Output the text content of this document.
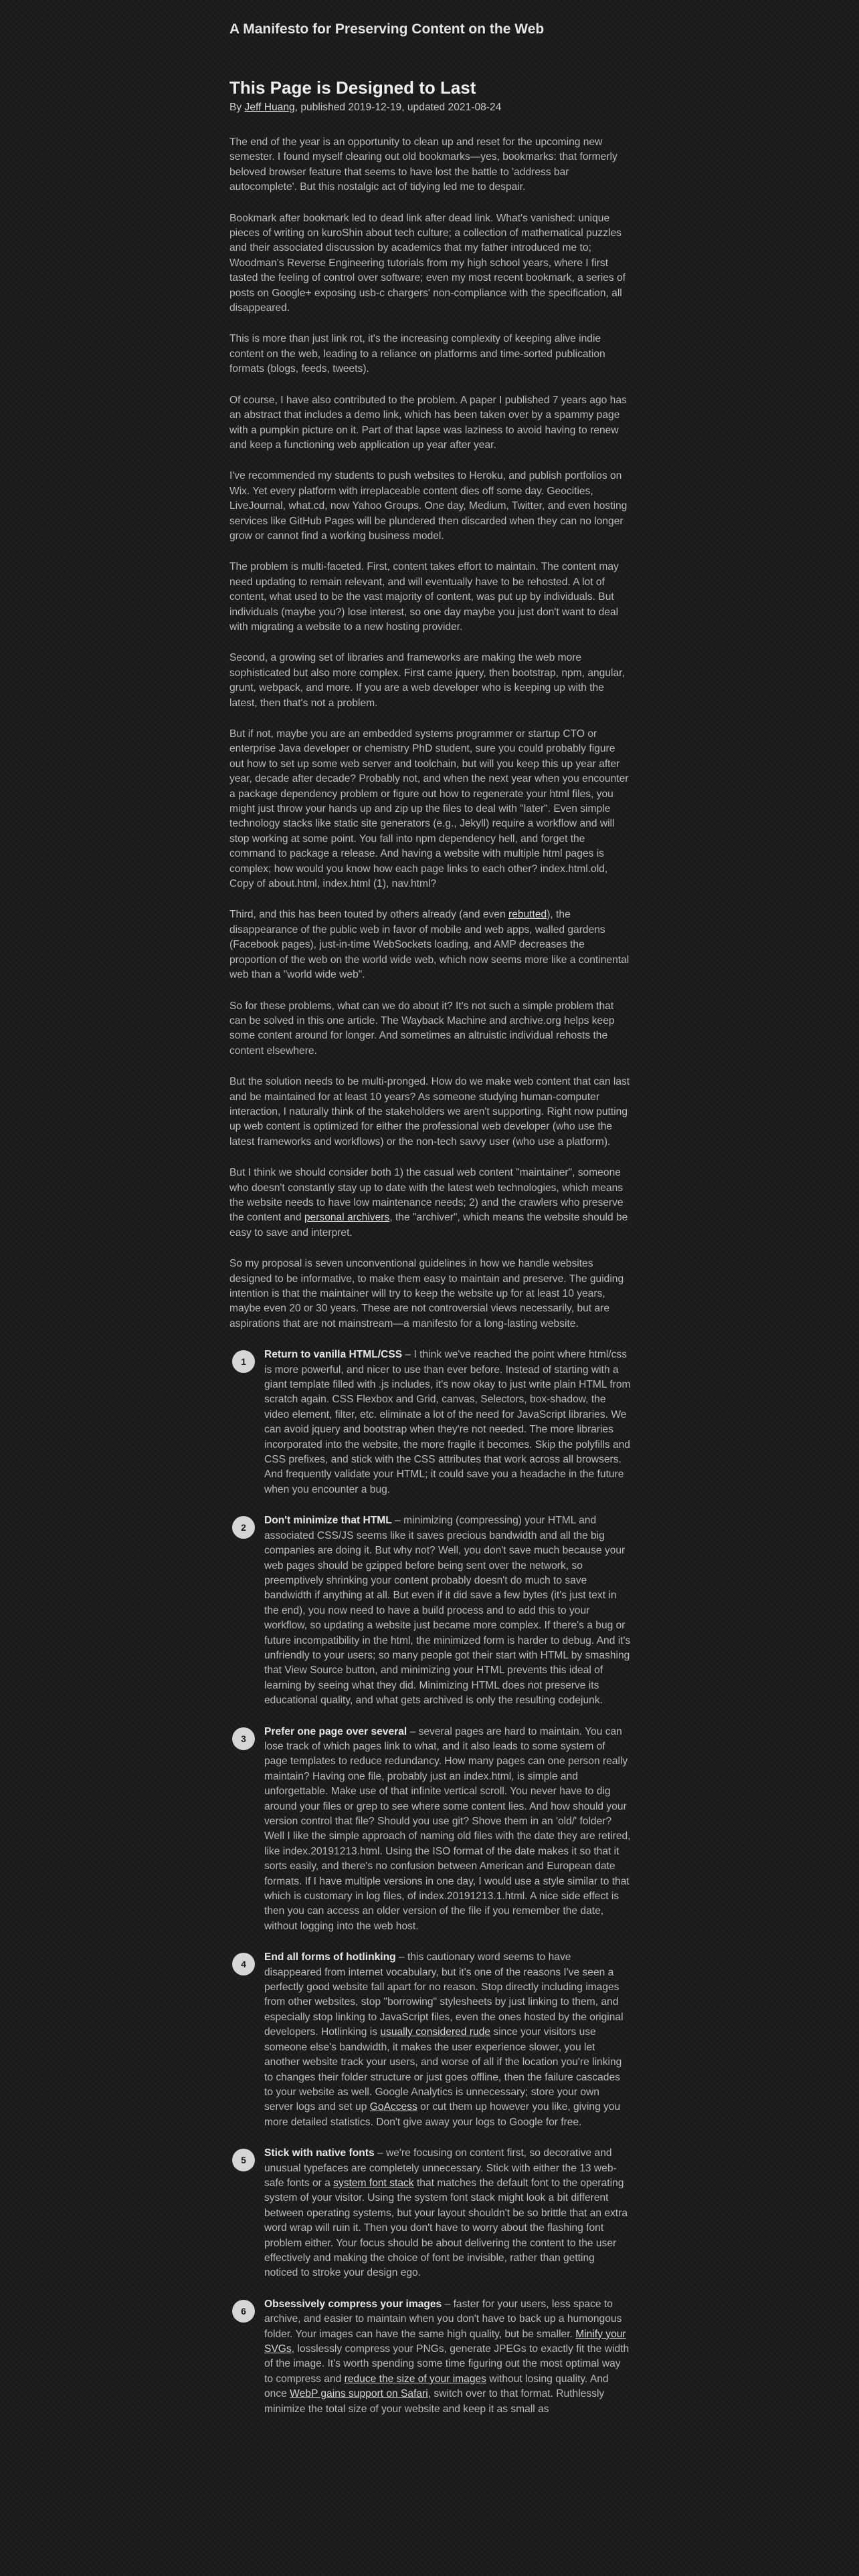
A Manifesto for Preserving Content on the Web
This Page is Designed to Last
By Jeff Huang, published 2019-12-19, updated 2021-08-24

The end of the year is an opportunity to clean up and reset for the upcoming new semester. I found myself clearing out old bookmarks—yes, bookmarks: that formerly beloved browser feature that seems to have lost the battle to 'address bar autocomplete'. But this nostalgic act of tidying led me to despair.

Bookmark after bookmark led to dead link after dead link. What's vanished: unique pieces of writing on kuroShin about tech culture; a collection of mathematical puzzles and their associated discussion by academics that my father introduced me to; Woodman's Reverse Engineering tutorials from my high school years, where I first tasted the feeling of control over software; even my most recent bookmark, a series of posts on Google+ exposing usb-c chargers' non-compliance with the specification, all disappeared.

This is more than just link rot, it's the increasing complexity of keeping alive indie content on the web, leading to a reliance on platforms and time-sorted publication formats (blogs, feeds, tweets).

Of course, I have also contributed to the problem. A paper I published 7 years ago has an abstract that includes a demo link, which has been taken over by a spammy page with a pumpkin picture on it. Part of that lapse was laziness to avoid having to renew and keep a functioning web application up year after year.

I've recommended my students to push websites to Heroku, and publish portfolios on Wix. Yet every platform with irreplaceable content dies off some day. Geocities, LiveJournal, what.cd, now Yahoo Groups. One day, Medium, Twitter, and even hosting services like GitHub Pages will be plundered then discarded when they can no longer grow or cannot find a working business model.

The problem is multi-faceted. First, content takes effort to maintain. The content may need updating to remain relevant, and will eventually have to be rehosted. A lot of content, what used to be the vast majority of content, was put up by individuals. But individuals (maybe you?) lose interest, so one day maybe you just don't want to deal with migrating a website to a new hosting provider.

Second, a growing set of libraries and frameworks are making the web more sophisticated but also more complex. First came jquery, then bootstrap, npm, angular, grunt, webpack, and more. If you are a web developer who is keeping up with the latest, then that's not a problem.

But if not, maybe you are an embedded systems programmer or startup CTO or enterprise Java developer or chemistry PhD student, sure you could probably figure out how to set up some web server and toolchain, but will you keep this up year after year, decade after decade? Probably not, and when the next year when you encounter a package dependency problem or figure out how to regenerate your html files, you might just throw your hands up and zip up the files to deal with "later". Even simple technology stacks like static site generators (e.g., Jekyll) require a workflow and will stop working at some point. You fall into npm dependency hell, and forget the command to package a release. And having a website with multiple html pages is complex; how would you know how each page links to each other? index.html.old, Copy of about.html, index.html (1), nav.html?

Third, and this has been touted by others already (and even rebutted), the disappearance of the public web in favor of mobile and web apps, walled gardens (Facebook pages), just-in-time WebSockets loading, and AMP decreases the proportion of the web on the world wide web, which now seems more like a continental web than a "world wide web".

So for these problems, what can we do about it? It's not such a simple problem that can be solved in this one article. The Wayback Machine and archive.org helps keep some content around for longer. And sometimes an altruistic individual rehosts the content elsewhere.

But the solution needs to be multi-pronged. How do we make web content that can last and be maintained for at least 10 years? As someone studying human-computer interaction, I naturally think of the stakeholders we aren't supporting. Right now putting up web content is optimized for either the professional web developer (who use the latest frameworks and workflows) or the non-tech savvy user (who use a platform).

But I think we should consider both 1) the casual web content "maintainer", someone who doesn't constantly stay up to date with the latest web technologies, which means the website needs to have low maintenance needs; 2) and the crawlers who preserve the content and personal archivers, the "archiver", which means the website should be easy to save and interpret.

So my proposal is seven unconventional guidelines in how we handle websites designed to be informative, to make them easy to maintain and preserve. The guiding intention is that the maintainer will try to keep the website up for at least 10 years, maybe even 20 or 30 years. These are not controversial views necessarily, but are aspirations that are not mainstream—a manifesto for a long-lasting website.

1
Return to vanilla HTML/CSS – I think we've reached the point where html/css is more powerful, and nicer to use than ever before. Instead of starting with a giant template filled with .js includes, it's now okay to just write plain HTML from scratch again. CSS Flexbox and Grid, canvas, Selectors, box-shadow, the video element, filter, etc. eliminate a lot of the need for JavaScript libraries. We can avoid jquery and bootstrap when they're not needed. The more libraries incorporated into the website, the more fragile it becomes. Skip the polyfills and CSS prefixes, and stick with the CSS attributes that work across all browsers. And frequently validate your HTML; it could save you a headache in the future when you encounter a bug.

2
Don't minimize that HTML – minimizing (compressing) your HTML and associated CSS/JS seems like it saves precious bandwidth and all the big companies are doing it. But why not? Well, you don't save much because your web pages should be gzipped before being sent over the network, so preemptively shrinking your content probably doesn't do much to save bandwidth if anything at all. But even if it did save a few bytes (it's just text in the end), you now need to have a build process and to add this to your workflow, so updating a website just became more complex. If there's a bug or future incompatibility in the html, the minimized form is harder to debug. And it's unfriendly to your users; so many people got their start with HTML by smashing that View Source button, and minimizing your HTML prevents this ideal of learning by seeing what they did. Minimizing HTML does not preserve its educational quality, and what gets archived is only the resulting codejunk.

3
Prefer one page over several – several pages are hard to maintain. You can lose track of which pages link to what, and it also leads to some system of page templates to reduce redundancy. How many pages can one person really maintain? Having one file, probably just an index.html, is simple and unforgettable. Make use of that infinite vertical scroll. You never have to dig around your files or grep to see where some content lies. And how should your version control that file? Should you use git? Shove them in an 'old/' folder? Well I like the simple approach of naming old files with the date they are retired, like index.20191213.html. Using the ISO format of the date makes it so that it sorts easily, and there's no confusion between American and European date formats. If I have multiple versions in one day, I would use a style similar to that which is customary in log files, of index.20191213.1.html. A nice side effect is then you can access an older version of the file if you remember the date, without logging into the web host.

4
End all forms of hotlinking – this cautionary word seems to have disappeared from internet vocabulary, but it's one of the reasons I've seen a perfectly good website fall apart for no reason. Stop directly including images from other websites, stop "borrowing" stylesheets by just linking to them, and especially stop linking to JavaScript files, even the ones hosted by the original developers. Hotlinking is usually considered rude since your visitors use someone else's bandwidth, it makes the user experience slower, you let another website track your users, and worse of all if the location you're linking to changes their folder structure or just goes offline, then the failure cascades to your website as well. Google Analytics is unnecessary; store your own server logs and set up GoAccess or cut them up however you like, giving you more detailed statistics. Don't give away your logs to Google for free.

5
Stick with native fonts – we're focusing on content first, so decorative and unusual typefaces are completely unnecessary. Stick with either the 13 web-safe fonts or a system font stack that matches the default font to the operating system of your visitor. Using the system font stack might look a bit different between operating systems, but your layout shouldn't be so brittle that an extra word wrap will ruin it. Then you don't have to worry about the flashing font problem either. Your focus should be about delivering the content to the user effectively and making the choice of font be invisible, rather than getting noticed to stroke your design ego.

6
Obsessively compress your images – faster for your users, less space to archive, and easier to maintain when you don't have to back up a humongous folder. Your images can have the same high quality, but be smaller. Minify your SVGs, losslessly compress your PNGs, generate JPEGs to exactly fit the width of the image. It's worth spending some time figuring out the most optimal way to compress and reduce the size of your images without losing quality. And once WebP gains support on Safari, switch over to that format. Ruthlessly minimize the total size of your website and keep it as small as
